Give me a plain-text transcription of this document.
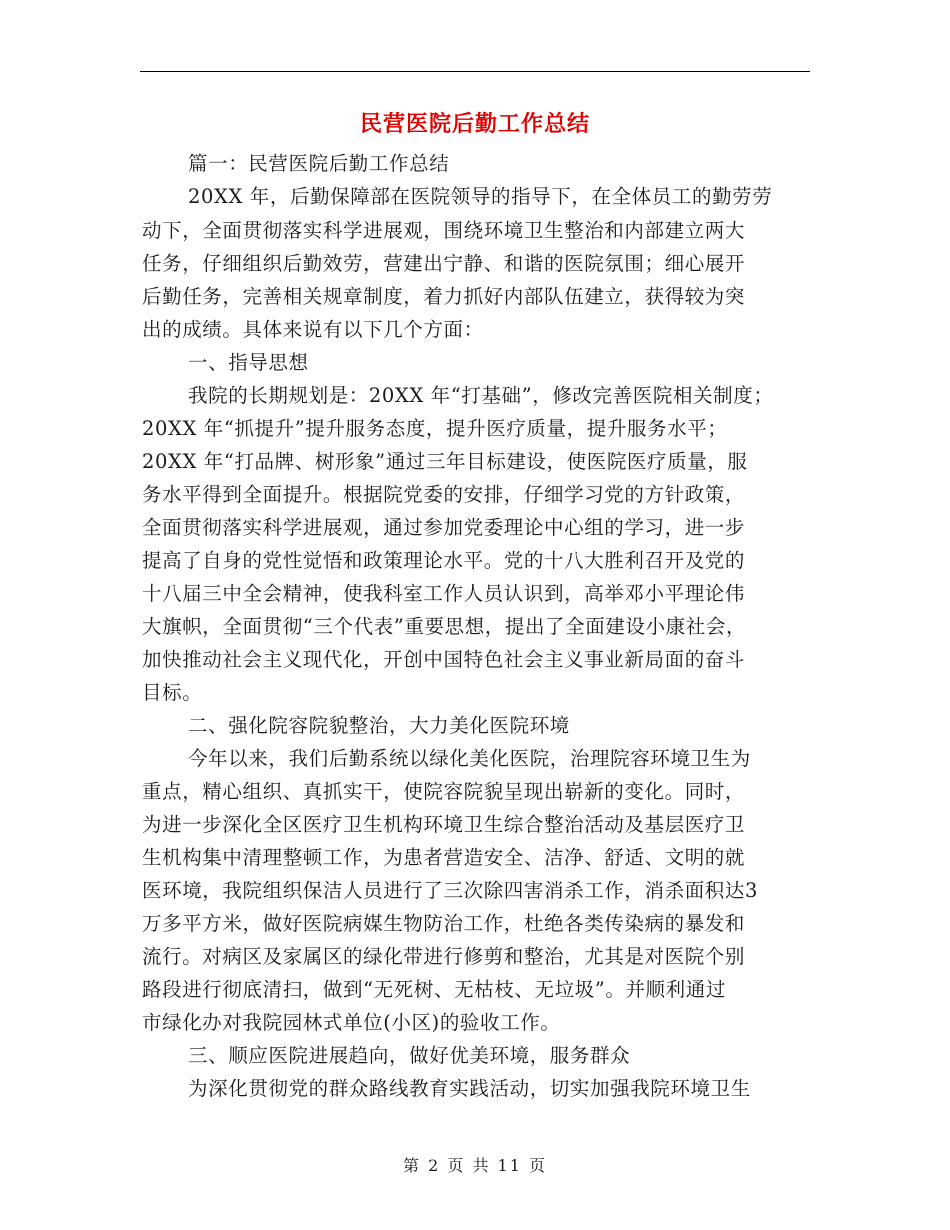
民营医院后勤工作总结
篇一：民营医院后勤工作总结
20XX 年，后勤保障部在医院领导的指导下，在全体员工的勤劳劳
动下，全面贯彻落实科学进展观，围绕环境卫生整治和内部建立两大
任务，仔细组织后勤效劳，营建出宁静、和谐的医院氛围；细心展开
后勤任务，完善相关规章制度，着力抓好内部队伍建立，获得较为突
出的成绩。具体来说有以下几个方面：
一、指导思想
我院的长期规划是：20XX 年“打基础”，修改完善医院相关制度；
20XX 年“抓提升”提升服务态度，提升医疗质量，提升服务水平；
20XX 年“打品牌、树形象”通过三年目标建设，使医院医疗质量，服
务水平得到全面提升。根据院党委的安排，仔细学习党的方针政策，
全面贯彻落实科学进展观，通过参加党委理论中心组的学习，进一步
提高了自身的党性觉悟和政策理论水平。党的十八大胜利召开及党的
十八届三中全会精神，使我科室工作人员认识到，高举邓小平理论伟
大旗帜，全面贯彻“三个代表”重要思想，提出了全面建设小康社会，
加快推动社会主义现代化，开创中国特色社会主义事业新局面的奋斗
目标。
二、强化院容院貌整治，大力美化医院环境
今年以来，我们后勤系统以绿化美化医院，治理院容环境卫生为
重点，精心组织、真抓实干，使院容院貌呈现出崭新的变化。同时，
为进一步深化全区医疗卫生机构环境卫生综合整治活动及基层医疗卫
生机构集中清理整顿工作，为患者营造安全、洁净、舒适、文明的就
医环境，我院组织保洁人员进行了三次除四害消杀工作，消杀面积达3
万多平方米，做好医院病媒生物防治工作，杜绝各类传染病的暴发和
流行。对病区及家属区的绿化带进行修剪和整治，尤其是对医院个别
路段进行彻底清扫，做到“无死树、无枯枝、无垃圾”。并顺利通过
市绿化办对我院园林式单位(小区)的验收工作。
三、顺应医院进展趋向，做好优美环境，服务群众
为深化贯彻党的群众路线教育实践活动，切实加强我院环境卫生
第 2 页 共 11 页
